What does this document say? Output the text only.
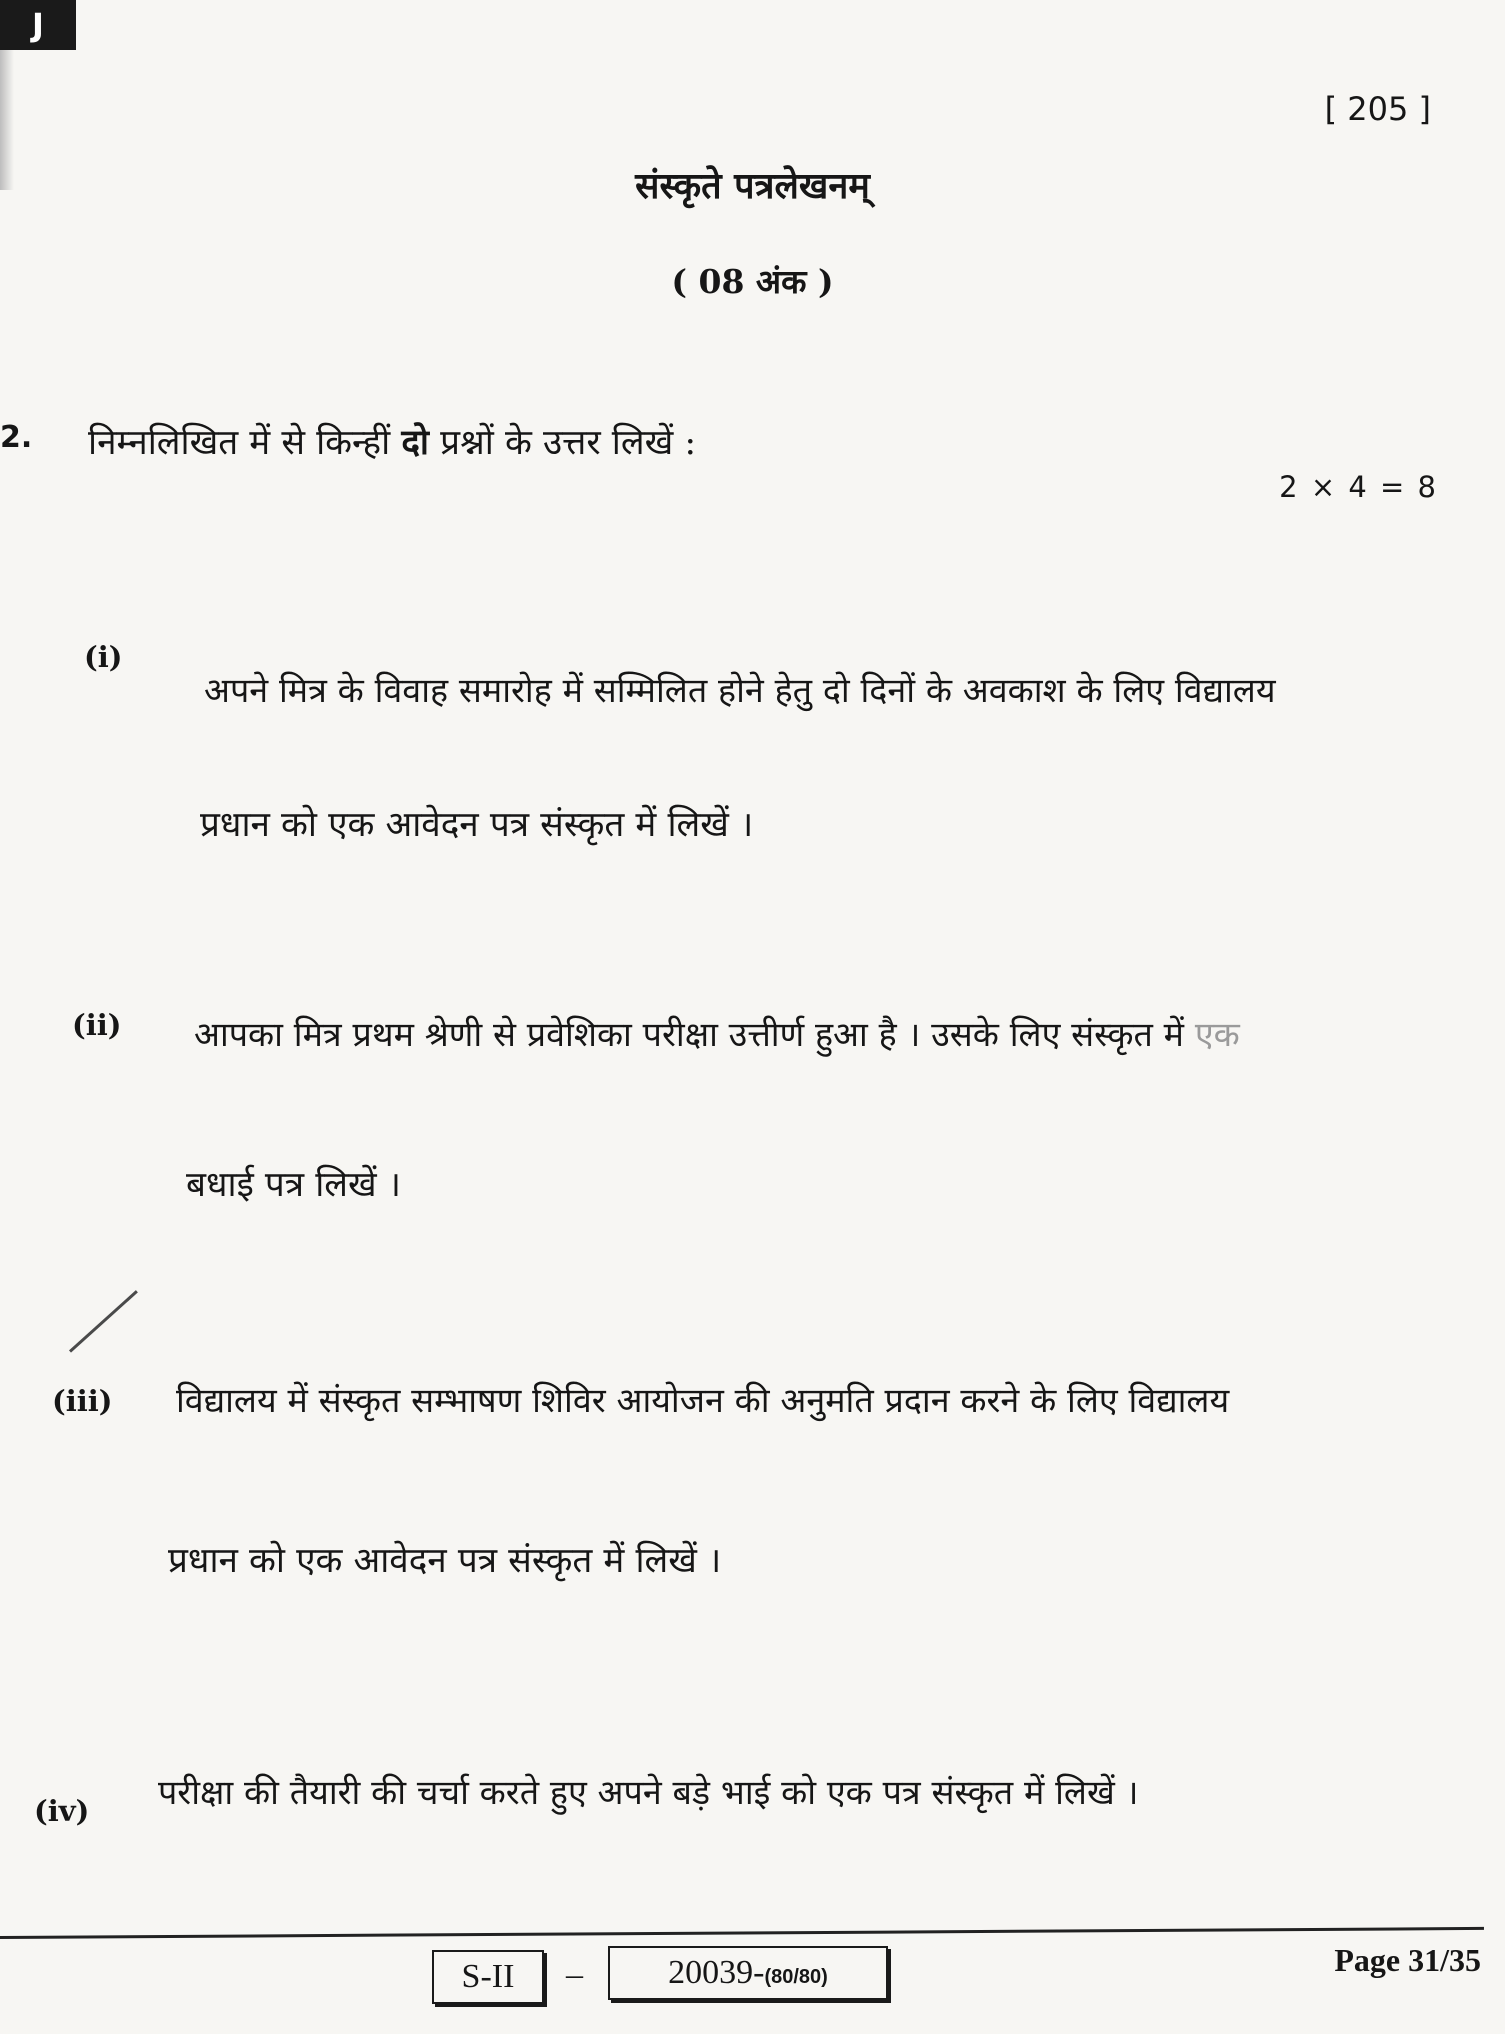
J
[ 205 ]
संस्कृते पत्रलेखनम्
( 08 अंक )
2. निम्नलिखित में से किन्हीं दो प्रश्नों के उत्तर लिखें :
2 × 4 = 8
(i)
अपने मित्र के विवाह समारोह में सम्मिलित होने हेतु दो दिनों के अवकाश के लिए विद्यालय
प्रधान को एक आवेदन पत्र संस्कृत में लिखें ।
(ii) आपका मित्र प्रथम श्रेणी से प्रवेशिका परीक्षा उत्तीर्ण हुआ है । उसके लिए संस्कृत में एक
बधाई पत्र लिखें ।
(iii) विद्यालय में संस्कृत सम्भाषण शिविर आयोजन की अनुमति प्रदान करने के लिए विद्यालय
प्रधान को एक आवेदन पत्र संस्कृत में लिखें ।
(iv) परीक्षा की तैयारी की चर्चा करते हुए अपने बड़े भाई को एक पत्र संस्कृत में लिखें ।
S-II	–	20039-(80/80)	Page 31/35
